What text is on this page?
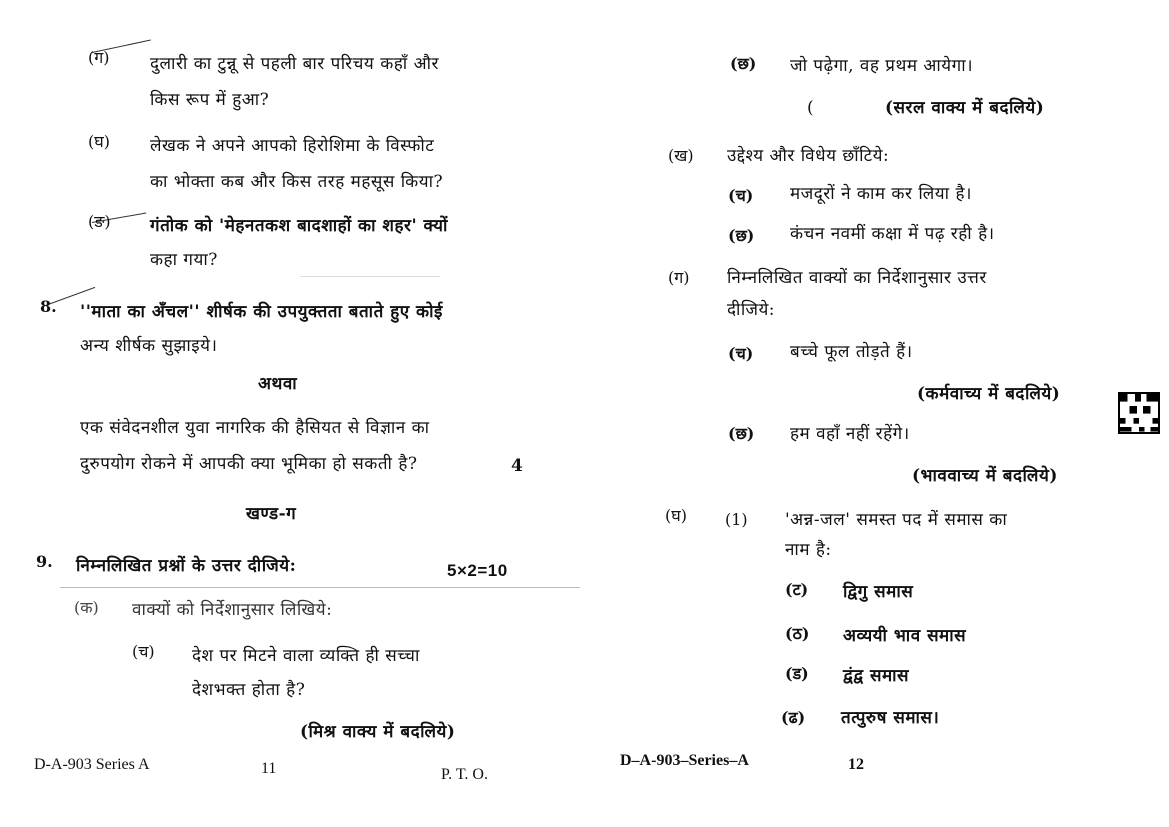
(ग) दुलारी का टुन्नू से पहली बार परिचय कहाँ और
किस रूप में हुआ?
(घ) लेखक ने अपने आपको हिरोशिमा के विस्फोट
का भोक्ता कब और किस तरह महसूस किया?
(ङ) गंतोक को 'मेहनतकश बादशाहों का शहर' क्यों
कहा गया?
8. ''माता का अँचल'' शीर्षक की उपयुक्तता बताते हुए कोई
अन्य शीर्षक सुझाइये।
अथवा
एक संवेदनशील युवा नागरिक की हैसियत से विज्ञान का
दुरुपयोग रोकने में आपकी क्या भूमिका हो सकती है?	4
खण्ड-ग
9. निम्नलिखित प्रश्नों के उत्तर दीजिये:	5×2=10
(क) वाक्यों को निर्देशानुसार लिखिये:
(च) देश पर मिटने वाला व्यक्ति ही सच्चा
देशभक्त होता है?
(मिश्र वाक्य में बदलिये)
D-A-903 Series A	11	P. T. O.
(छ) जो पढ़ेगा, वह प्रथम आयेगा।
(	(सरल वाक्य में बदलिये)
(ख) उद्देश्य और विधेय छाँटिये:
(च) मजदूरों ने काम कर लिया है।
(छ) कंचन नवमीं कक्षा में पढ़ रही है।
(ग) निम्नलिखित वाक्यों का निर्देशानुसार उत्तर
दीजिये:
(च) बच्चे फूल तोड़ते हैं।
(कर्मवाच्य में बदलिये)
(छ) हम वहाँ नहीं रहेंगे।
(भाववाच्य में बदलिये)
(घ) (1) 'अन्न-जल' समस्त पद में समास का
नाम है:
(ट) द्विगु समास
(ठ) अव्ययी भाव समास
(ड) द्वंद्व समास
(ढ) तत्पुरुष समास।
D–A-903–Series–A	12
